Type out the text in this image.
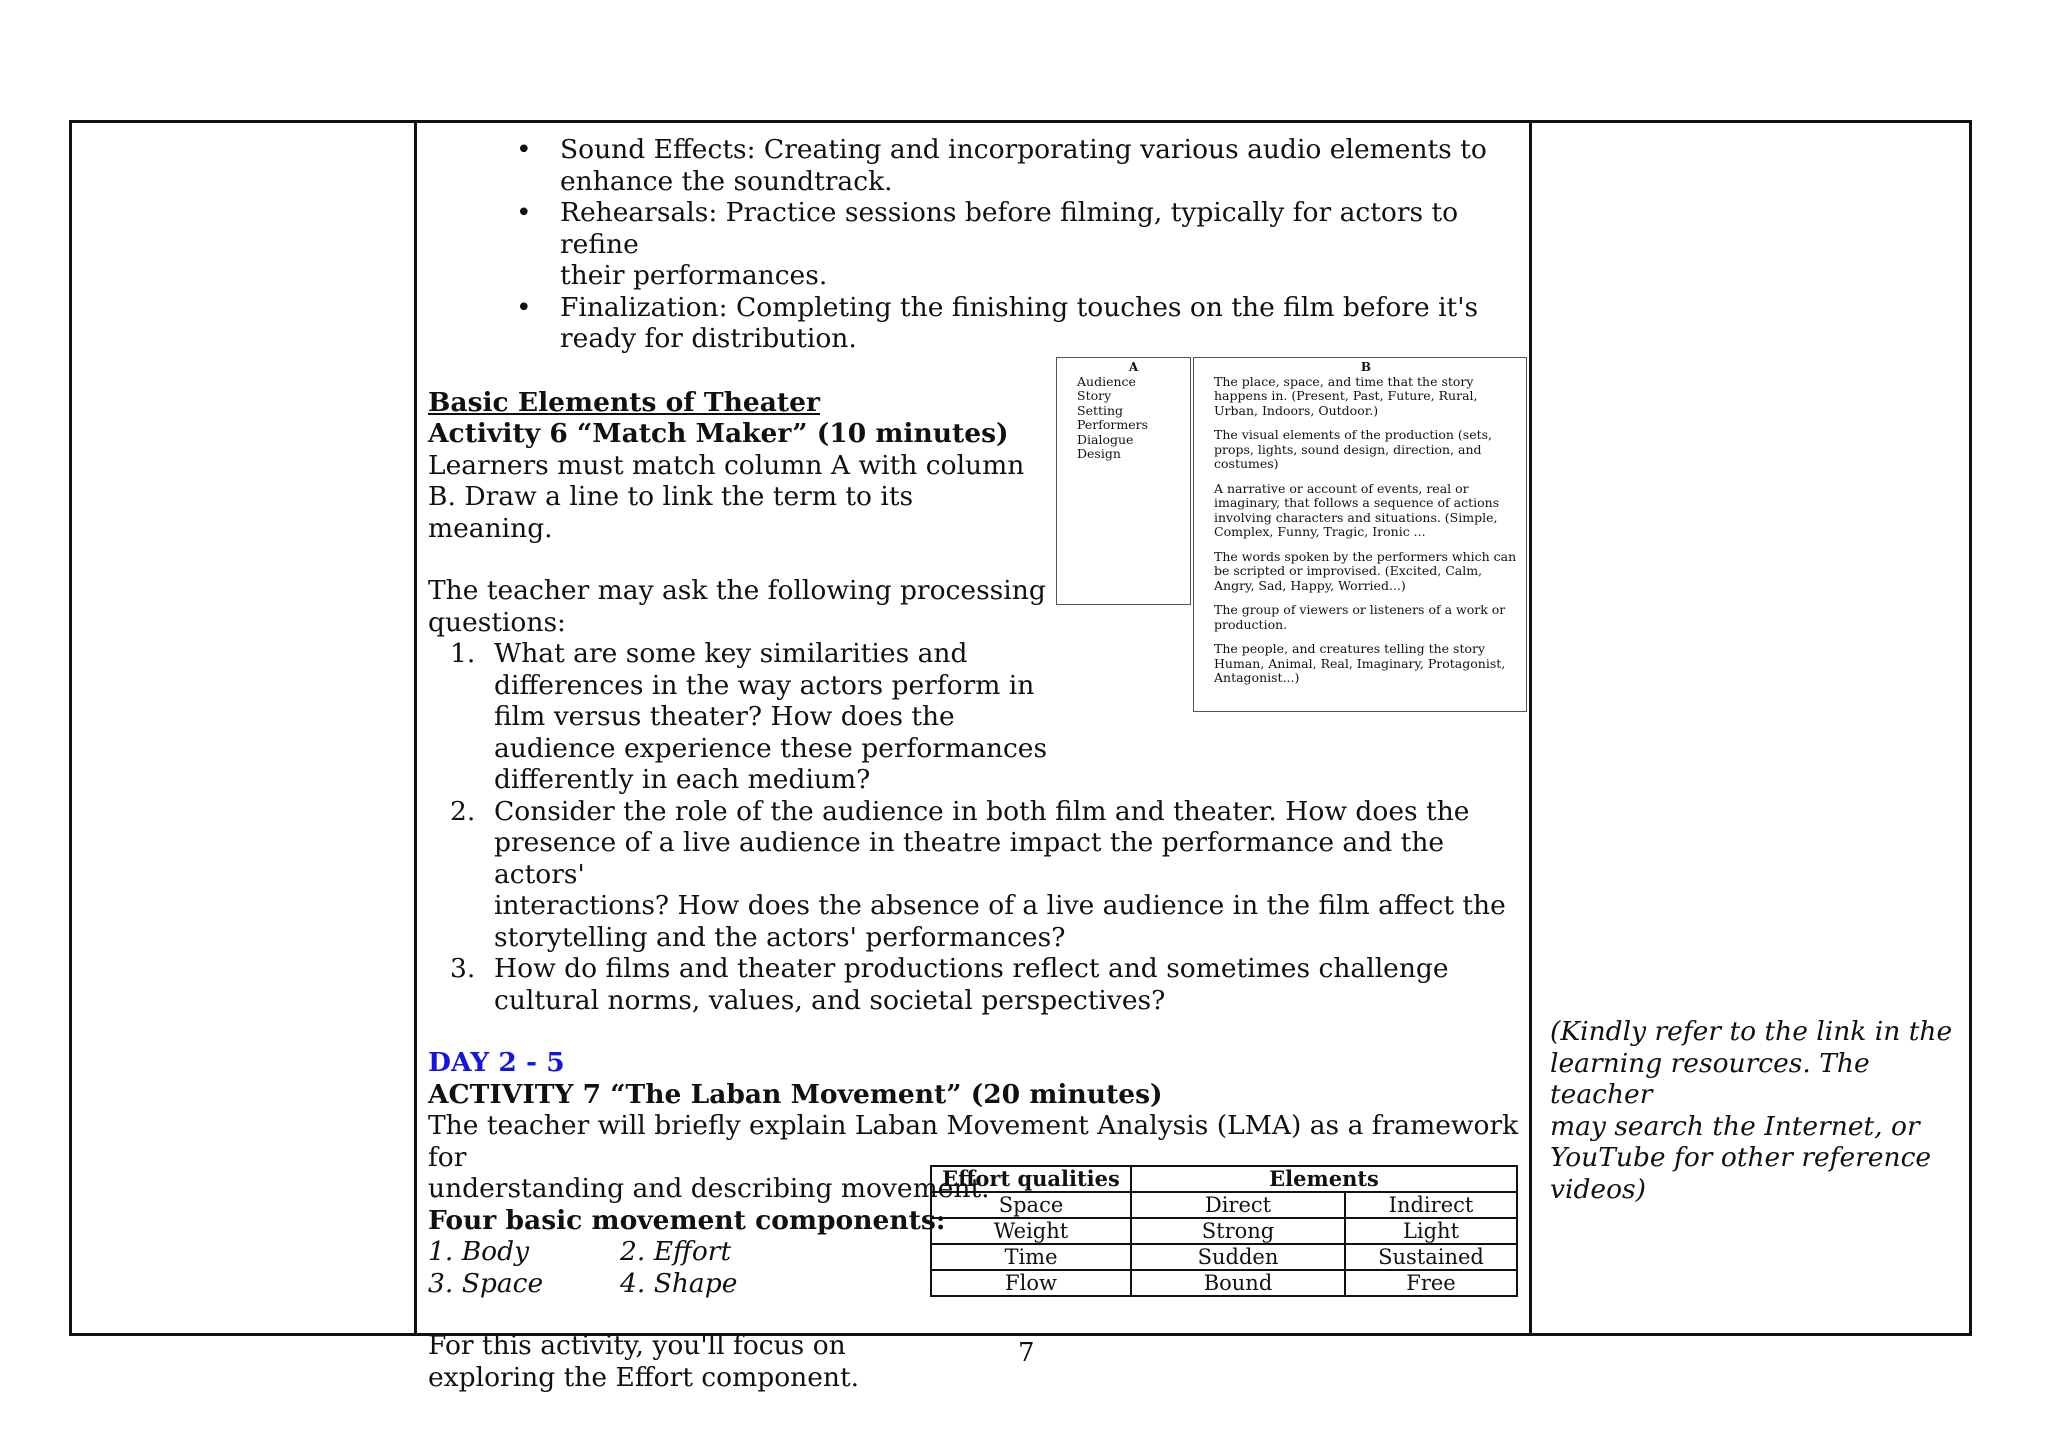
• Sound Effects: Creating and incorporating various audio elements to
enhance the soundtrack.
• Rehearsals: Practice sessions before filming, typically for actors to refine
their performances.
• Finalization: Completing the finishing touches on the film before it's
ready for distribution.
Basic Elements of Theater
Activity 6 “Match Maker” (10 minutes)
Learners must match column A with column
B. Draw a line to link the term to its
meaning.
The teacher may ask the following processing
questions:
1. What are some key similarities and
differences in the way actors perform in
film versus theater? How does the
audience experience these performances
differently in each medium?
2. Consider the role of the audience in both film and theater. How does the
presence of a live audience in theatre impact the performance and the actors'
interactions? How does the absence of a live audience in the film affect the
storytelling and the actors' performances?
3. How do films and theater productions reflect and sometimes challenge
cultural norms, values, and societal perspectives?
DAY 2 - 5
ACTIVITY 7 “The Laban Movement” (20 minutes)
The teacher will briefly explain Laban Movement Analysis (LMA) as a framework for
understanding and describing movement.
Four basic movement components:
1. Body	2. Effort
3. Space	4. Shape
For this activity, you'll focus on
exploring the Effort component.
A
Audience
Story
Setting
Performers
Dialogue
Design
B

The place, space, and time that the story happens in. (Present, Past, Future, Rural, Urban, Indoors, Outdoor.)

The visual elements of the production (sets, props, lights, sound design, direction, and costumes)

A narrative or account of events, real or imaginary, that follows a sequence of actions involving characters and situations. (Simple, Complex, Funny, Tragic, Ironic ...

The words spoken by the performers which can be scripted or improvised. (Excited, Calm, Angry, Sad, Happy, Worried...)

The group of viewers or listeners of a work or production.

The people, and creatures telling the story Human, Animal, Real, Imaginary, Protagonist, Antagonist...)

Effort qualities	Elements	
Space	Direct	Indirect
Weight	Strong	Light
Time	Sudden	Sustained
Flow	Bound	Free
(Kindly refer to the link in the
learning resources. The teacher
may search the Internet, or
YouTube for other reference
videos)
7
